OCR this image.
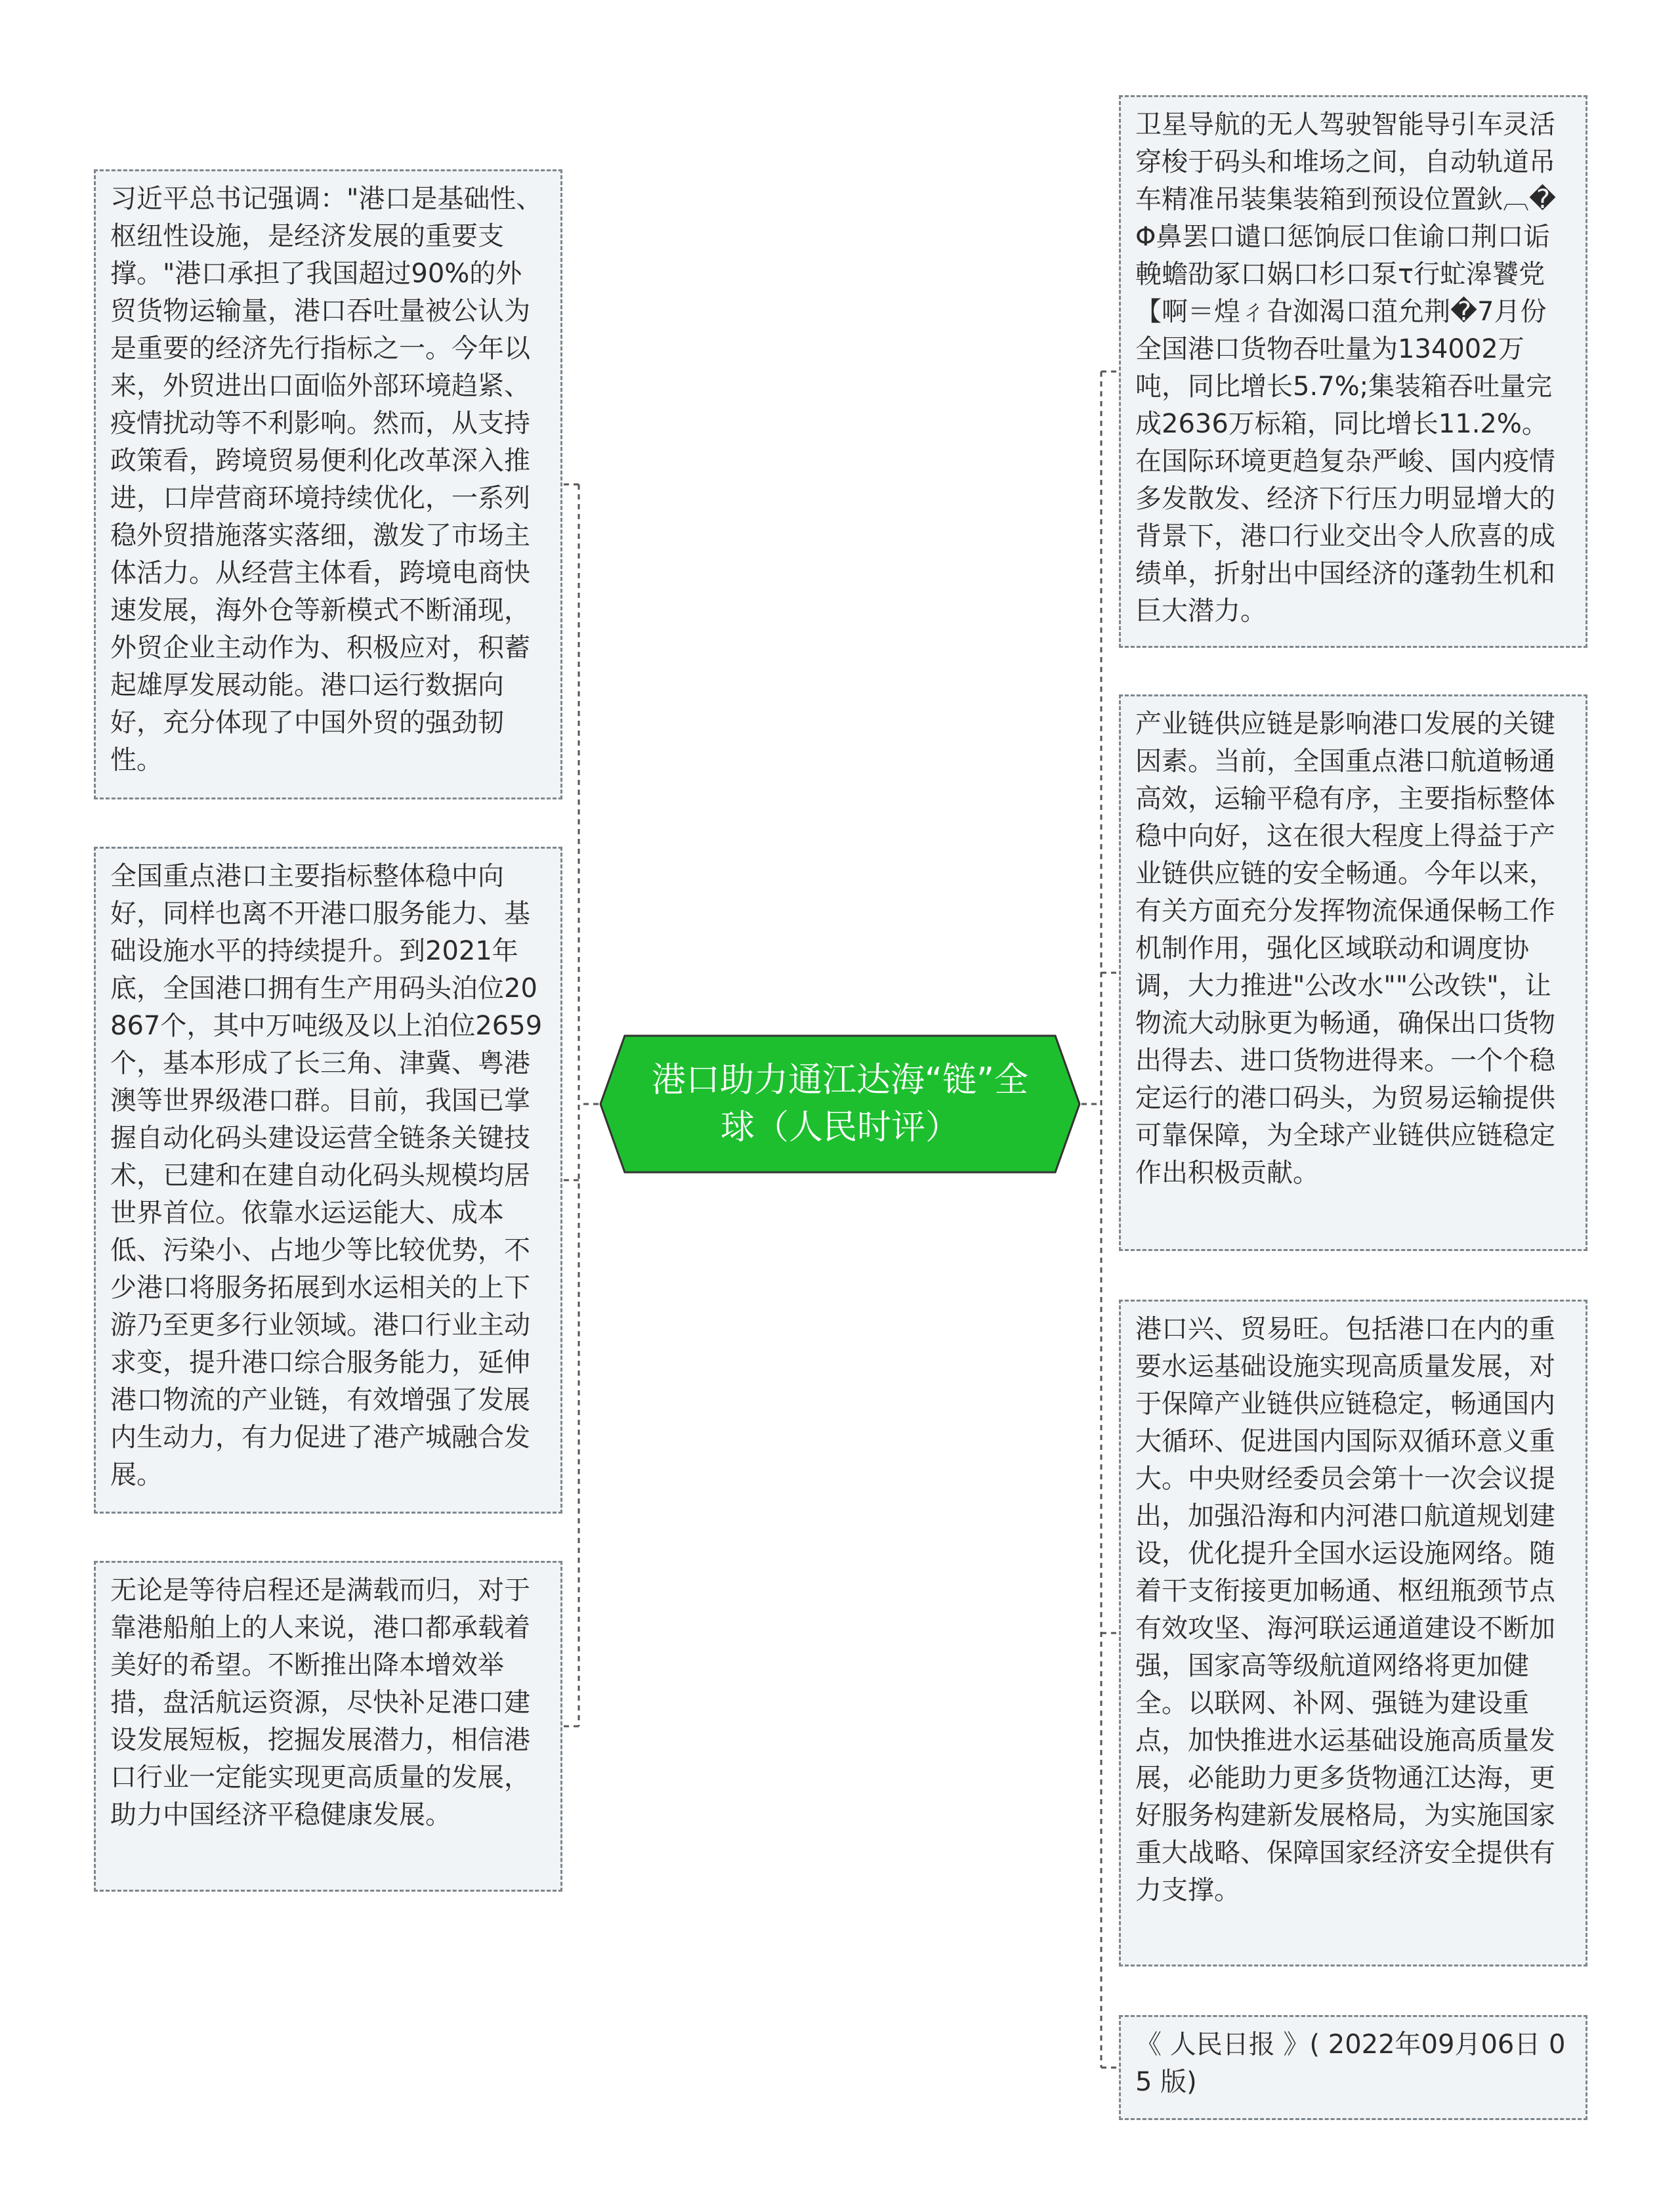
港口助力通江达海“链”全球（人民时评）
习近平总书记强调："港口是基础性、枢纽性设施，是经济发展的重要支撑。"港口承担了我国超过90%的外贸货物运输量，港口吞吐量被公认为是重要的经济先行指标之一。今年以来，外贸进出口面临外部环境趋紧、疫情扰动等不利影响。然而，从支持政策看，跨境贸易便利化改革深入推进，口岸营商环境持续优化，一系列稳外贸措施落实落细，激发了市场主体活力。从经营主体看，跨境电商快速发展，海外仓等新模式不断涌现，外贸企业主动作为、积极应对，积蓄起雄厚发展动能。港口运行数据向好，充分体现了中国外贸的强劲韧性。
全国重点港口主要指标整体稳中向好，同样也离不开港口服务能力、基础设施水平的持续提升。到2021年底，全国港口拥有生产用码头泊位20867个，其中万吨级及以上泊位2659个，基本形成了长三角、津冀、粤港澳等世界级港口群。目前，我国已掌握自动化码头建设运营全链条关键技术，已建和在建自动化码头规模均居世界首位。依靠水运运能大、成本低、污染小、占地少等比较优势，不少港口将服务拓展到水运相关的上下游乃至更多行业领域。港口行业主动求变，提升港口综合服务能力，延伸港口物流的产业链，有效增强了发展内生动力，有力促进了港产城融合发展。
无论是等待启程还是满载而归，对于靠港船舶上的人来说，港口都承载着美好的希望。不断推出降本增效举措，盘活航运资源，尽快补足港口建设发展短板，挖掘发展潜力，相信港口行业一定能实现更高质量的发展，助力中国经济平稳健康发展。
卫星导航的无人驾驶智能导引车灵活穿梭于码头和堆场之间，自动轨道吊车精准吊装集装箱到预设位置鈥︹�Φ鼻罢口谴口惩饷辰口隹谕口荆口诟輓蟾劭冢口娲口杉口泵τ行虻滜饕党【啊＝煌ㄔ旮洳渴口菹允荆�7月份全国港口货物吞吐量为134002万吨，同比增长5.7%;集装箱吞吐量完成2636万标箱，同比增长11.2%。在国际环境更趋复杂严峻、国内疫情多发散发、经济下行压力明显增大的背景下，港口行业交出令人欣喜的成绩单，折射出中国经济的蓬勃生机和巨大潜力。
产业链供应链是影响港口发展的关键因素。当前，全国重点港口航道畅通高效，运输平稳有序，主要指标整体稳中向好，这在很大程度上得益于产业链供应链的安全畅通。今年以来，有关方面充分发挥物流保通保畅工作机制作用，强化区域联动和调度协调，大力推进"公改水""公改铁"，让物流大动脉更为畅通，确保出口货物出得去、进口货物进得来。一个个稳定运行的港口码头，为贸易运输提供可靠保障，为全球产业链供应链稳定作出积极贡献。
港口兴、贸易旺。包括港口在内的重要水运基础设施实现高质量发展，对于保障产业链供应链稳定，畅通国内大循环、促进国内国际双循环意义重大。中央财经委员会第十一次会议提出，加强沿海和内河港口航道规划建设，优化提升全国水运设施网络。随着干支衔接更加畅通、枢纽瓶颈节点有效攻坚、海河联运通道建设不断加强，国家高等级航道网络将更加健全。以联网、补网、强链为建设重点，加快推进水运基础设施高质量发展，必能助力更多货物通江达海，更好服务构建新发展格局，为实施国家重大战略、保障国家经济安全提供有力支撑。
《 人民日报 》( 2022年09月06日 05 版)
